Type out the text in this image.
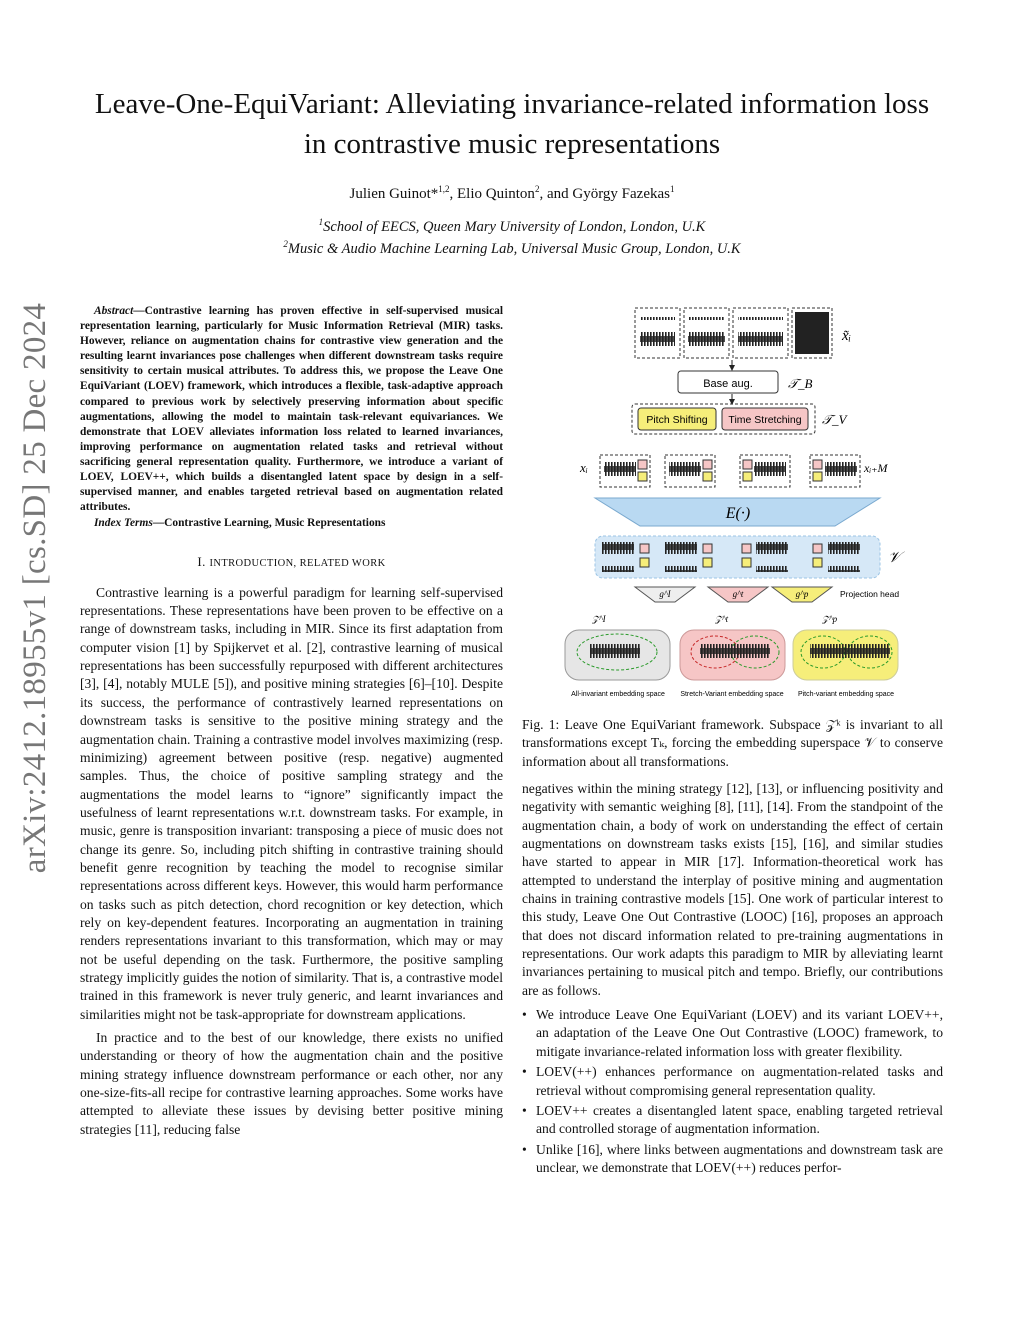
arXiv:2412.18955v1 [cs.SD] 25 Dec 2024
Leave-One-EquiVariant: Alleviating invariance-related information loss in contrastive music representations
Julien Guinot*$^{1,2}$, Elio Quinton$^2$, and György Fazekas$^1$
$^1$School of EECS, Queen Mary University of London, London, U.K
$^2$Music & Audio Machine Learning Lab, Universal Music Group, London, U.K
Abstract—Contrastive learning has proven effective in self-supervised musical representation learning, particularly for Music Information Retrieval (MIR) tasks. However, reliance on augmentation chains for contrastive view generation and the resulting learnt invariances pose challenges when different downstream tasks require sensitivity to certain musical attributes. To address this, we propose the Leave One EquiVariant (LOEV) framework, which introduces a flexible, task-adaptive approach compared to previous work by selectively preserving information about specific augmentations, allowing the model to maintain task-relevant equivariances. We demonstrate that LOEV alleviates information loss related to learned invariances, improving performance on augmentation related tasks and retrieval without sacrificing general representation quality. Furthermore, we introduce a variant of LOEV, LOEV++, which builds a disentangled latent space by design in a self-supervised manner, and enables targeted retrieval based on augmentation related attributes.
Index Terms—Contrastive Learning, Music Representations
I. INTRODUCTION, RELATED WORK

Contrastive learning is a powerful paradigm for learning self-supervised representations. These representations have been proven to be effective on a range of downstream tasks, including in MIR. Since its first adaptation from computer vision [1] by Spijkervet et al. [2], contrastive learning of musical representations has been successfully repurposed with different architectures [3], [4], notably MULE [5]), and positive mining strategies [6]–[10]. Despite its success, the performance of contrastively learned representations on downstream tasks is sensitive to the positive mining strategy and the augmentation chain. Training a contrastive model involves maximizing (resp. minimizing) agreement between positive (resp. negative) augmented samples. Thus, the choice of positive sampling strategy and the augmentations the model learns to “ignore” significantly impact the usefulness of learnt representations w.r.t. downstream tasks. For example, in music, genre is transposition invariant: transposing a piece of music does not change its genre. So, including pitch shifting in contrastive training should benefit genre recognition by teaching the model to recognise similar representations across different keys. However, this would harm performance on tasks such as pitch detection, chord recognition or key detection, which rely on key-dependent features. Incorporating an augmentation in training renders representations invariant to this transformation, which may or may not be useful depending on the task. Furthermore, the positive sampling strategy implicitly guides the notion of similarity. That is, a contrastive model trained in this framework is never truly generic, and learnt invariances and similarities might not be task-appropriate for downstream applications.

In practice and to the best of our knowledge, there exists no unified understanding or theory of how the augmentation chain and the positive mining strategy influence downstream performance or each other, nor any one-size-fits-all recipe for contrastive learning approaches. Some works have attempted to alleviate these issues by devising better positive mining strategies [11], reducing false

x̃ᵢ
Base aug.	𝒯_B
Pitch Shifting Time Stretching 𝒯_V
xᵢ	xᵢ₊M
E(·)
𝒱
g^I	g^t	g^p	Projection head
𝒵^I	𝒵^t	𝒵^p
All-invariant embedding space Stretch-Variant embedding space Pitch-variant embedding space
Fig. 1: Leave One EquiVariant framework. Subspace 𝒵ᵏ is invariant to all transformations except Tₖ, forcing the embedding superspace 𝒱 to conserve information about all transformations.

negatives within the mining strategy [12], [13], or influencing positivity and negativity with semantic weighing [8], [11], [14]. From the standpoint of the augmentation chain, a body of work on understanding the effect of certain augmentations on downstream tasks exists [15], [16], and similar studies have started to appear in MIR [17]. Information-theoretical work has attempted to understand the interplay of positive mining and augmentation chains in training contrastive models [15]. One work of particular interest to this study, Leave One Out Contrastive (LOOC) [16], proposes an approach that does not discard information related to pre-training augmentations in representations. Our work adapts this paradigm to MIR by alleviating learnt invariances pertaining to musical pitch and tempo. Briefly, our contributions are as follows.

• We introduce Leave One EquiVariant (LOEV) and its variant LOEV++, an adaptation of the Leave One Out Contrastive (LOOC) framework, to mitigate invariance-related information loss with greater flexibility.
• LOEV(++) enhances performance on augmentation-related tasks and retrieval without compromising general representation quality.
• LOEV++ creates a disentangled latent space, enabling targeted retrieval and controlled storage of augmentation information.
• Unlike [16], where links between augmentations and downstream task are unclear, we demonstrate that LOEV(++) reduces perfor-
